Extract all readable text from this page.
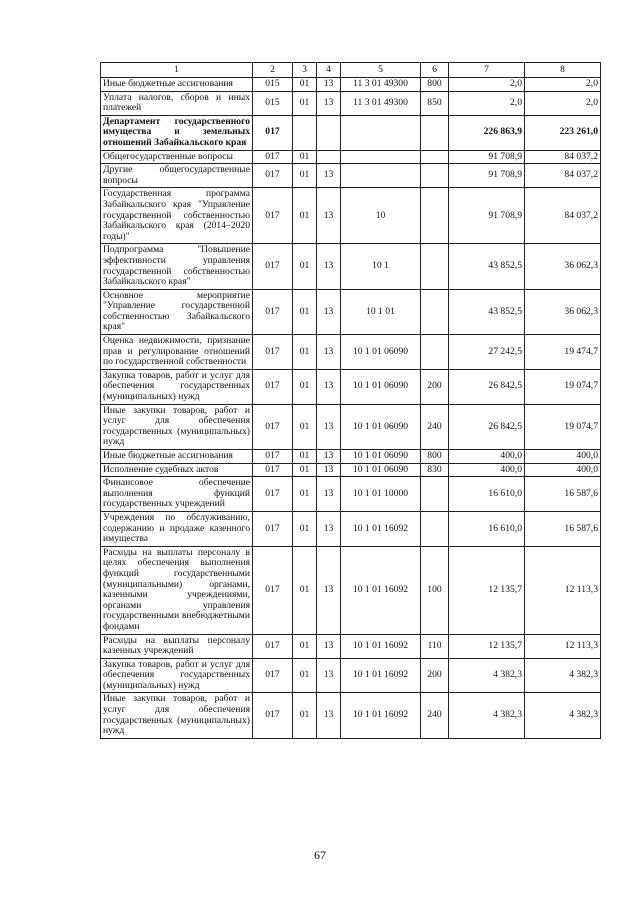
1	2	3	4	5	6	7	8
Иные бюджетные ассигнования	015	01	13	11 3 01 49300	800	2,0	2,0
Уплата налогов, сборов и иных платежей	015	01	13	11 3 01 49300	850	2,0	2,0
Департамент государственного имущества и земельных отношений Забайкальского края	017					226 863,9	223 261,0
Общегосударственные вопросы	017	01				91 708,9	84 037,2
Другие общегосударственные вопросы	017	01	13			91 708,9	84 037,2
Государственная программа Забайкальского края "Управление государственной собственностью Забайкальского края (2014–2020 годы)"	017	01	13	10		91 708,9	84 037,2
Подпрограмма "Повышение эффективности управления государственной собственностью Забайкальского края"	017	01	13	10 1		43 852,5	36 062,3
Основное мероприятие "Управление государственной собственностью Забайкальского края"	017	01	13	10 1 01		43 852,5	36 062,3
Оценка недвижимости, признание прав и регулирование отношений по государственной собственности	017	01	13	10 1 01 06090		27 242,5	19 474,7
Закупка товаров, работ и услуг для обеспечения государственных (муниципальных) нужд	017	01	13	10 1 01 06090	200	26 842,5	19 074,7
Иные закупки товаров, работ и услуг для обеспечения государственных (муниципальных) нужд	017	01	13	10 1 01 06090	240	26 842,5	19 074,7
Иные бюджетные ассигнования	017	01	13	10 1 01 06090	800	400,0	400,0
Исполнение судебных актов	017	01	13	10 1 01 06090	830	400,0	400,0
Финансовое обеспечение выполнения функций государственных учреждений	017	01	13	10 1 01 10000		16 610,0	16 587,6
Учреждения по обслуживанию, содержанию и продаже казенного имущества	017	01	13	10 1 01 16092		16 610,0	16 587,6
Расходы на выплаты персоналу в целях обеспечения выполнения функций государственными (муниципальными) органами, казенными учреждениями, органами управления государственными внебюджетными фондами	017	01	13	10 1 01 16092	100	12 135,7	12 113,3
Расходы на выплаты персоналу казенных учреждений	017	01	13	10 1 01 16092	110	12 135,7	12 113,3
Закупка товаров, работ и услуг для обеспечения государственных (муниципальных) нужд	017	01	13	10 1 01 16092	200	4 382,3	4 382,3
Иные закупки товаров, работ и услуг для обеспечения государственных (муниципальных) нужд	017	01	13	10 1 01 16092	240	4 382,3	4 382,3
67
